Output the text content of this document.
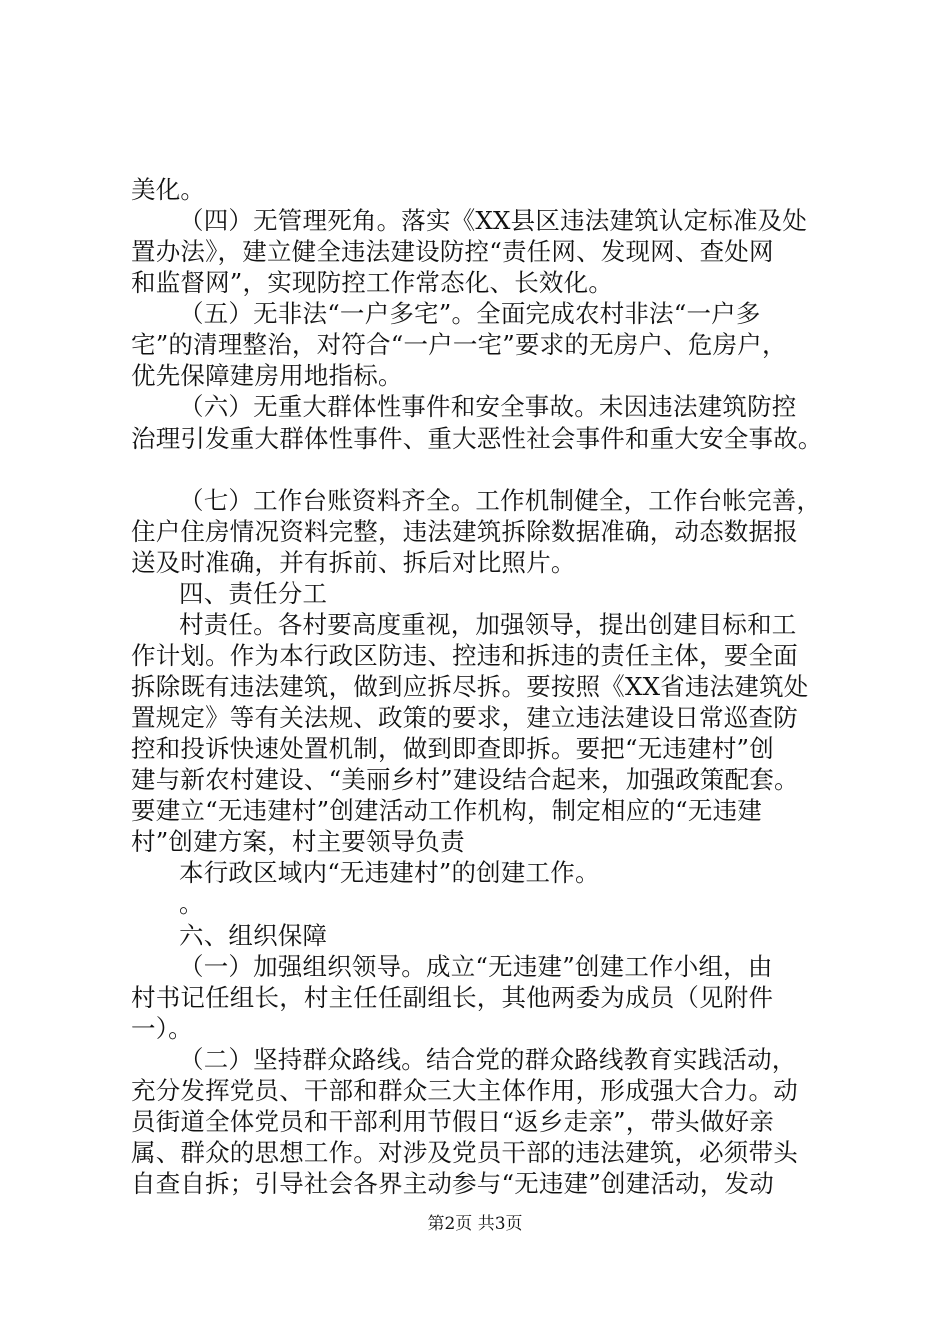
美化。
（四）无管理死角。落实《XX县区违法建筑认定标准及处
置办法》，建立健全违法建设防控“责任网、发现网、查处网
和监督网”，实现防控工作常态化、长效化。
（五）无非法“一户多宅”。全面完成农村非法“一户多
宅”的清理整治，对符合“一户一宅”要求的无房户、危房户，
优先保障建房用地指标。
（六）无重大群体性事件和安全事故。未因违法建筑防控
治理引发重大群体性事件、重大恶性社会事件和重大安全事故。
（七）工作台账资料齐全。工作机制健全，工作台帐完善，
住户住房情况资料完整，违法建筑拆除数据准确，动态数据报
送及时准确，并有拆前、拆后对比照片。
四、责任分工
村责任。各村要高度重视，加强领导，提出创建目标和工
作计划。作为本行政区防违、控违和拆违的责任主体，要全面
拆除既有违法建筑，做到应拆尽拆。要按照《XX省违法建筑处
置规定》等有关法规、政策的要求，建立违法建设日常巡查防
控和投诉快速处置机制，做到即查即拆。要把“无违建村”创
建与新农村建设、“美丽乡村”建设结合起来，加强政策配套。
要建立“无违建村”创建活动工作机构，制定相应的“无违建
村”创建方案，村主要领导负责
本行政区域内“无违建村”的创建工作。
。
六、组织保障
（一）加强组织领导。成立“无违建”创建工作小组，由
村书记任组长，村主任任副组长，其他两委为成员（见附件
一）。
（二）坚持群众路线。结合党的群众路线教育实践活动，
充分发挥党员、干部和群众三大主体作用，形成强大合力。动
员街道全体党员和干部利用节假日“返乡走亲”，带头做好亲
属、群众的思想工作。对涉及党员干部的违法建筑，必须带头
自查自拆；引导社会各界主动参与“无违建”创建活动，发动
第2页 共3页
